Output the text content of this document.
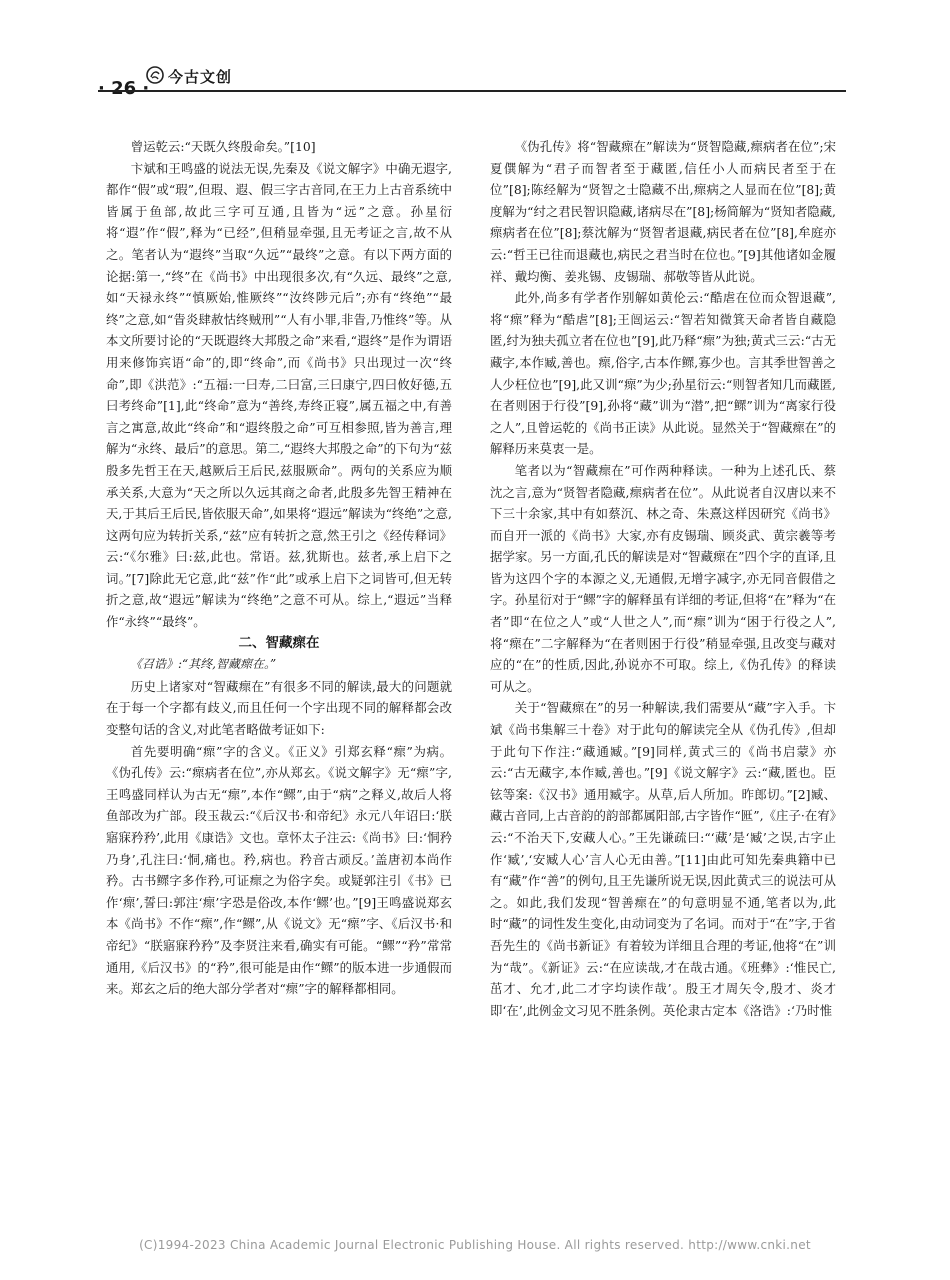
· 26 ·
今古文创

曾运乾云:“天既久终殷命矣。”[10]

卞斌和王鸣盛的说法无误,先秦及《说文解字》中确无遐字,都作“假”或“瑕”,但瑕、遐、假三字古音同,在王力上古音系统中皆属于鱼部,故此三字可互通,且皆为“远”之意。孙星衍将“遐”作“假”,释为“已经”,但稍显牵强,且无考证之言,故不从之。笔者认为“遐终”当取“久远”“最终”之意。有以下两方面的论据:第一,“终”在《尚书》中出现很多次,有“久远、最终”之意,如“天禄永终”“慎厥始,惟厥终”“汝终陟元后”;亦有“终绝”“最终”之意,如“眚炎肆赦怙终贼刑”“人有小罪,非眚,乃惟终”等。从本文所要讨论的“天既遐终大邦殷之命”来看,“遐终”是作为谓语用来修饰宾语“命”的,即“终命”,而《尚书》只出现过一次“终命”,即《洪范》:“五福:一曰寿,二曰富,三曰康宁,四曰攸好德,五曰考终命”[1],此“终命”意为“善终,寿终正寝”,属五福之中,有善言之寓意,故此“终命”和“遐终殷之命”可互相参照,皆为善言,理解为“永终、最后”的意思。第二,“遐终大邦殷之命”的下句为“兹殷多先哲王在天,越厥后王后民,兹服厥命”。两句的关系应为顺承关系,大意为“天之所以久远其商之命者,此殷多先智王精神在天,于其后王后民,皆依服天命”,如果将“遐远”解读为“终绝”之意,这两句应为转折关系,“兹”应有转折之意,然王引之《经传释词》云:“《尔雅》曰:兹,此也。常语。兹,犹斯也。兹者,承上启下之词。”[7]除此无它意,此“兹”作“此”或承上启下之词皆可,但无转折之意,故“遐远”解读为“终绝”之意不可从。综上,“遐远”当释作“永终”“最终”。

二、智藏瘝在

《召诰》:“其终,智藏瘝在。”

历史上诸家对“智藏瘝在”有很多不同的解读,最大的问题就在于每一个字都有歧义,而且任何一个字出现不同的解释都会改变整句话的含义,对此笔者略做考证如下:

首先要明确“瘝”字的含义。《正义》引郑玄释“瘝”为病。《伪孔传》云:“瘝病者在位”,亦从郑玄。《说文解字》无“瘝”字,王鸣盛同样认为古无“瘝”,本作“鳏”,由于“病”之释义,故后人将鱼部改为疒部。段玉裁云:“《后汉书·和帝纪》永元八年诏曰:‘朕寤寐矜矜’,此用《康诰》文也。章怀太子注云:《尚书》曰:‘恫矜乃身’,孔注曰:‘恫,痛也。矜,病也。矜音古顽反。’盖唐初本尚作矜。古书鳏字多作矜,可证瘝之为俗字矣。或疑郭注引《书》已作‘瘝’,誓曰:郭注‘瘝’字恐是俗改,本作‘鳏’也。”[9]王鸣盛说郑玄本《尚书》不作“瘝”,作“鳏”,从《说文》无“瘝”字、《后汉书·和帝纪》“朕寤寐矜矜”及李贤注来看,确实有可能。“鳏”“矜”常常通用,《后汉书》的“矜”,很可能是由作“鳏”的版本进一步通假而来。郑玄之后的绝大部分学者对“瘝”字的解释都相同。

《伪孔传》将“智藏瘝在”解读为“贤智隐藏,瘝病者在位”;宋夏僎解为“君子而智者至于藏匿,信任小人而病民者至于在位”[8];陈经解为“贤智之士隐藏不出,瘝病之人显而在位”[8];黄度解为“纣之君民智识隐藏,诸病尽在”[8];杨简解为“贤知者隐藏,瘝病者在位”[8];蔡沈解为“贤智者退藏,病民者在位”[8],牟庭亦云:“哲王已往而退藏也,病民之君当时在位也。”[9]其他诸如金履祥、戴均衡、姜兆锡、皮锡瑞、郝敬等皆从此说。

此外,尚多有学者作别解如黄伦云:“酷虐在位而众智退藏”,将“瘝”释为“酷虐”[8];王闿运云:“智若知微箕天命者皆自藏隐匿,纣为独夫孤立者在位也”[9],此乃释“瘝”为独;黄式三云:“古无藏字,本作臧,善也。瘝,俗字,古本作鳏,寡少也。言其季世智善之人少枉位也”[9],此又训“瘝”为少;孙星衍云:“则智者知几而藏匿,在者则困于行役”[9],孙将“藏”训为“潜”,把“鳏”训为“离家行役之人”,且曾运乾的《尚书正读》从此说。显然关于“智藏瘝在”的解释历来莫衷一是。

笔者以为“智藏瘝在”可作两种释读。一种为上述孔氏、蔡沈之言,意为“贤智者隐藏,瘝病者在位”。从此说者自汉唐以来不下三十余家,其中有如蔡沉、林之奇、朱熹这样因研究《尚书》而自开一派的《尚书》大家,亦有皮锡瑞、顾炎武、黄宗羲等考据学家。另一方面,孔氏的解读是对“智藏瘝在”四个字的直译,且皆为这四个字的本源之义,无通假,无增字减字,亦无同音假借之字。孙星衍对于“鳏”字的解释虽有详细的考证,但将“在”释为“在者”即“在位之人”或“人世之人”,而“瘝”训为“困于行役之人”,将“瘝在”二字解释为“在者则困于行役”稍显牵强,且改变与藏对应的“在”的性质,因此,孙说亦不可取。综上,《伪孔传》的释读可从之。

关于“智藏瘝在”的另一种解读,我们需要从“藏”字入手。卞斌《尚书集解三十卷》对于此句的解读完全从《伪孔传》,但却于此句下作注:“藏通臧。”[9]同样,黄式三的《尚书启蒙》亦云:“古无藏字,本作臧,善也。”[9]《说文解字》云:“藏,匿也。臣铉等案:《汉书》通用臧字。从草,后人所加。昨郎切。”[2]臧、藏古音同,上古音韵的韵部都属阳部,古字皆作“匨”,《庄子·在宥》云:“不治天下,安藏人心。”王先谦疏曰:“‘藏’是‘臧’之误,古字止作‘臧’,‘安臧人心’言人心无由善。”[11]由此可知先秦典籍中已有“藏”作“善”的例句,且王先谦所说无误,因此黄式三的说法可从之。如此,我们发现“智善瘝在”的句意明显不通,笔者以为,此时“藏”的词性发生变化,由动词变为了名词。而对于“在”字,于省吾先生的《尚书新证》有着较为详细且合理的考证,他将“在”训为“哉”。《新证》云:“在应读哉,才在哉古通。《班彝》:‘惟民亡,茁才、允才,此二才字均读作哉’。殷王才周矢令,殷才、炎才即‘在’,此例金文习见不胜条例。英伦隶古定本《洛诰》:‘乃时惟

(C)1994-2023 China Academic Journal Electronic Publishing House. All rights reserved. http://www.cnki.net
